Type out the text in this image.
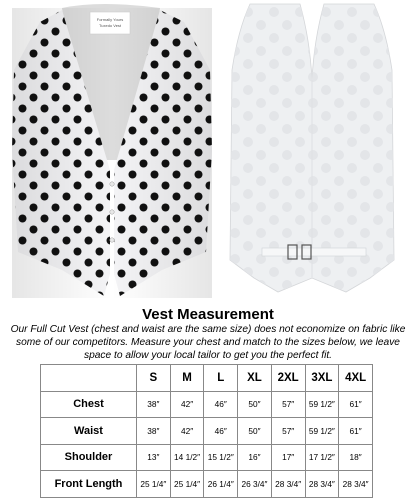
Formally Yours
Tuxedo Vest
Vest Measurement
Our Full Cut Vest (chest and waist are the same size) does not economize on fabric like some of our competitors. Measure your chest and match to the sizes below, we leave space to allow your local tailor to get you the perfect fit.
	S	M	L	XL	2XL	3XL	4XL
Chest	38″	42″	46″	50″	57″	59 1/2″	61″
Waist	38″	42″	46″	50″	57″	59 1/2″	61″
Shoulder	13″	14 1/2″	15 1/2″	16″	17″	17 1/2″	18″
Front Length	25 1/4″	25 1/4″	26 1/4″	26 3/4″	28 3/4″	28 3/4″	28 3/4″
